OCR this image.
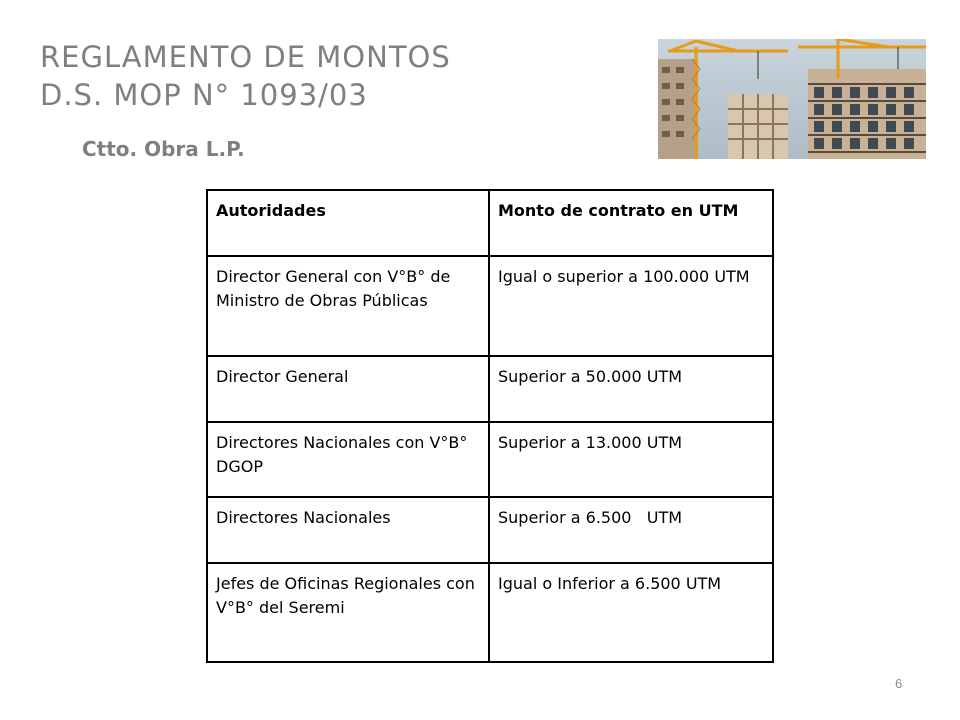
REGLAMENTO DE MONTOS
D.S. MOP N° 1093/03
Ctto. Obra L.P.
Autoridades	Monto de contrato en UTM
Director General con V°B° de Ministro de Obras Públicas	Igual o superior a 100.000 UTM
Director General	Superior a 50.000 UTM
Directores Nacionales con V°B° DGOP	Superior a 13.000 UTM
Directores Nacionales	Superior a 6.500   UTM
Jefes de Oficinas Regionales con V°B° del Seremi	Igual o Inferior a 6.500 UTM
6
